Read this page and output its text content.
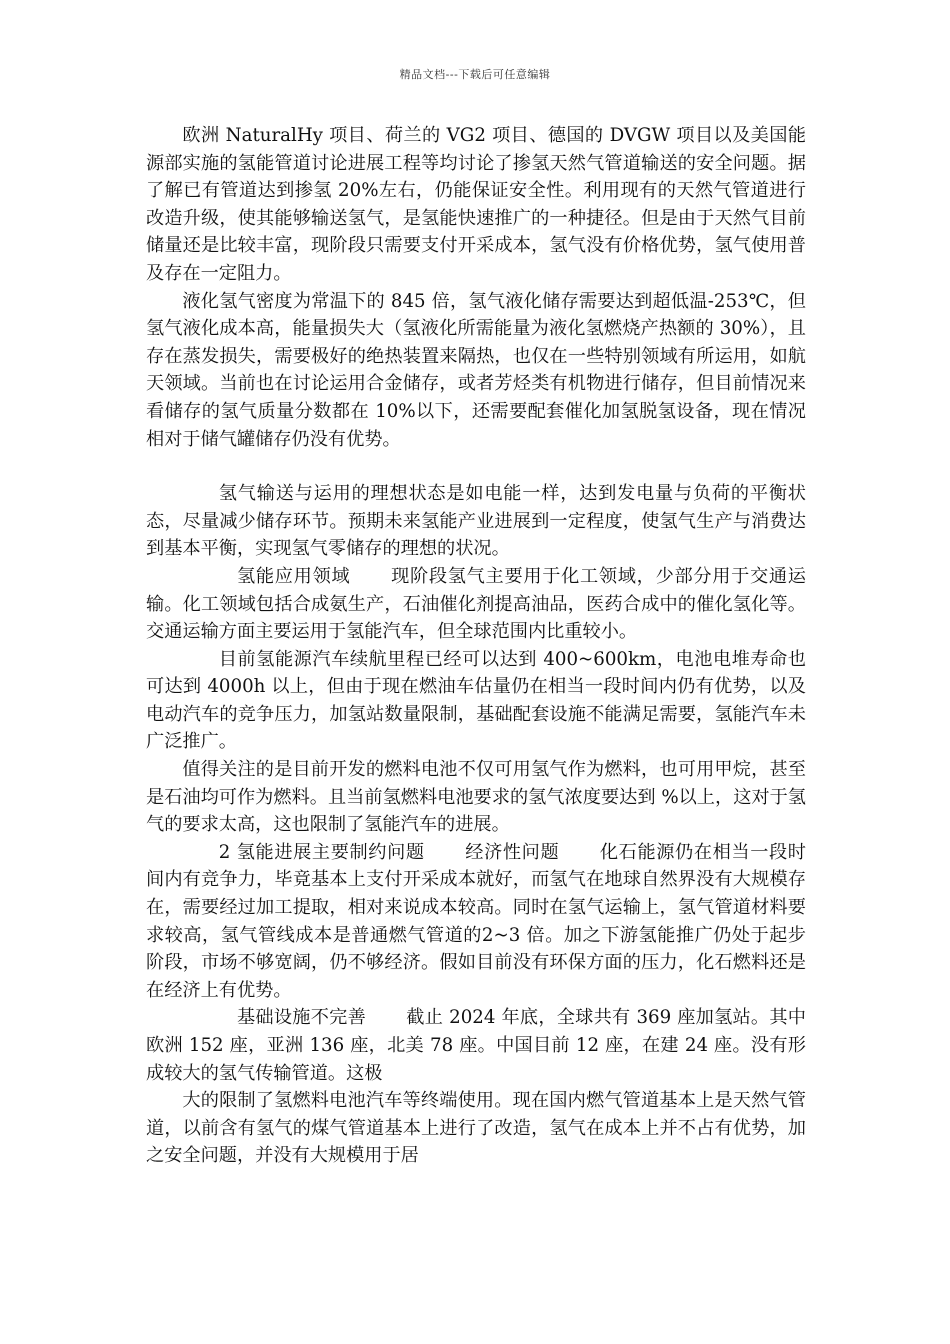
精品文档---下载后可任意编辑

欧洲 NaturalHy 项目、荷兰的 VG2 项目、德国的 DVGW 项目以及美国能源部实施的氢能管道讨论进展工程等均讨论了掺氢天然气管道输送的安全问题。据了解已有管道达到掺氢 20%左右，仍能保证安全性。利用现有的天然气管道进行改造升级，使其能够输送氢气，是氢能快速推广的一种捷径。但是由于天然气目前储量还是比较丰富，现阶段只需要支付开采成本，氢气没有价格优势，氢气使用普及存在一定阻力。

液化氢气密度为常温下的 845 倍，氢气液化储存需要达到超低温-253℃，但氢气液化成本高，能量损失大（氢液化所需能量为液化氢燃烧产热额的 30%），且存在蒸发损失，需要极好的绝热装置来隔热，也仅在一些特别领域有所运用，如航天领域。当前也在讨论运用合金储存，或者芳烃类有机物进行储存，但目前情况来看储存的氢气质量分数都在 10%以下，还需要配套催化加氢脱氢设备，现在情况相对于储气罐储存仍没有优势。

氢气输送与运用的理想状态是如电能一样，达到发电量与负荷的平衡状态，尽量减少储存环节。预期未来氢能产业进展到一定程度，使氢气生产与消费达到基本平衡，实现氢气零储存的理想的状况。

氢能应用领域 现阶段氢气主要用于化工领域，少部分用于交通运输。化工领域包括合成氨生产，石油催化剂提高油品，医药合成中的催化氢化等。交通运输方面主要运用于氢能汽车，但全球范围内比重较小。

目前氢能源汽车续航里程已经可以达到 400~600km，电池电堆寿命也可达到 4000h 以上，但由于现在燃油车估量仍在相当一段时间内仍有优势，以及电动汽车的竞争压力，加氢站数量限制，基础配套设施不能满足需要，氢能汽车未广泛推广。

值得关注的是目前开发的燃料电池不仅可用氢气作为燃料，也可用甲烷，甚至是石油均可作为燃料。且当前氢燃料电池要求的氢气浓度要达到 %以上，这对于氢气的要求太高，这也限制了氢能汽车的进展。

2 氢能进展主要制约问题 经济性问题 化石能源仍在相当一段时间内有竞争力，毕竟基本上支付开采成本就好，而氢气在地球自然界没有大规模存在，需要经过加工提取，相对来说成本较高。同时在氢气运输上，氢气管道材料要求较高，氢气管线成本是普通燃气管道的2~3 倍。加之下游氢能推广仍处于起步阶段，市场不够宽阔，仍不够经济。假如目前没有环保方面的压力，化石燃料还是在经济上有优势。

基础设施不完善 截止 2024 年底，全球共有 369 座加氢站。其中欧洲 152 座，亚洲 136 座，北美 78 座。中国目前 12 座，在建 24 座。没有形成较大的氢气传输管道。这极

大的限制了氢燃料电池汽车等终端使用。现在国内燃气管道基本上是天然气管道，以前含有氢气的煤气管道基本上进行了改造，氢气在成本上并不占有优势，加之安全问题，并没有大规模用于居
